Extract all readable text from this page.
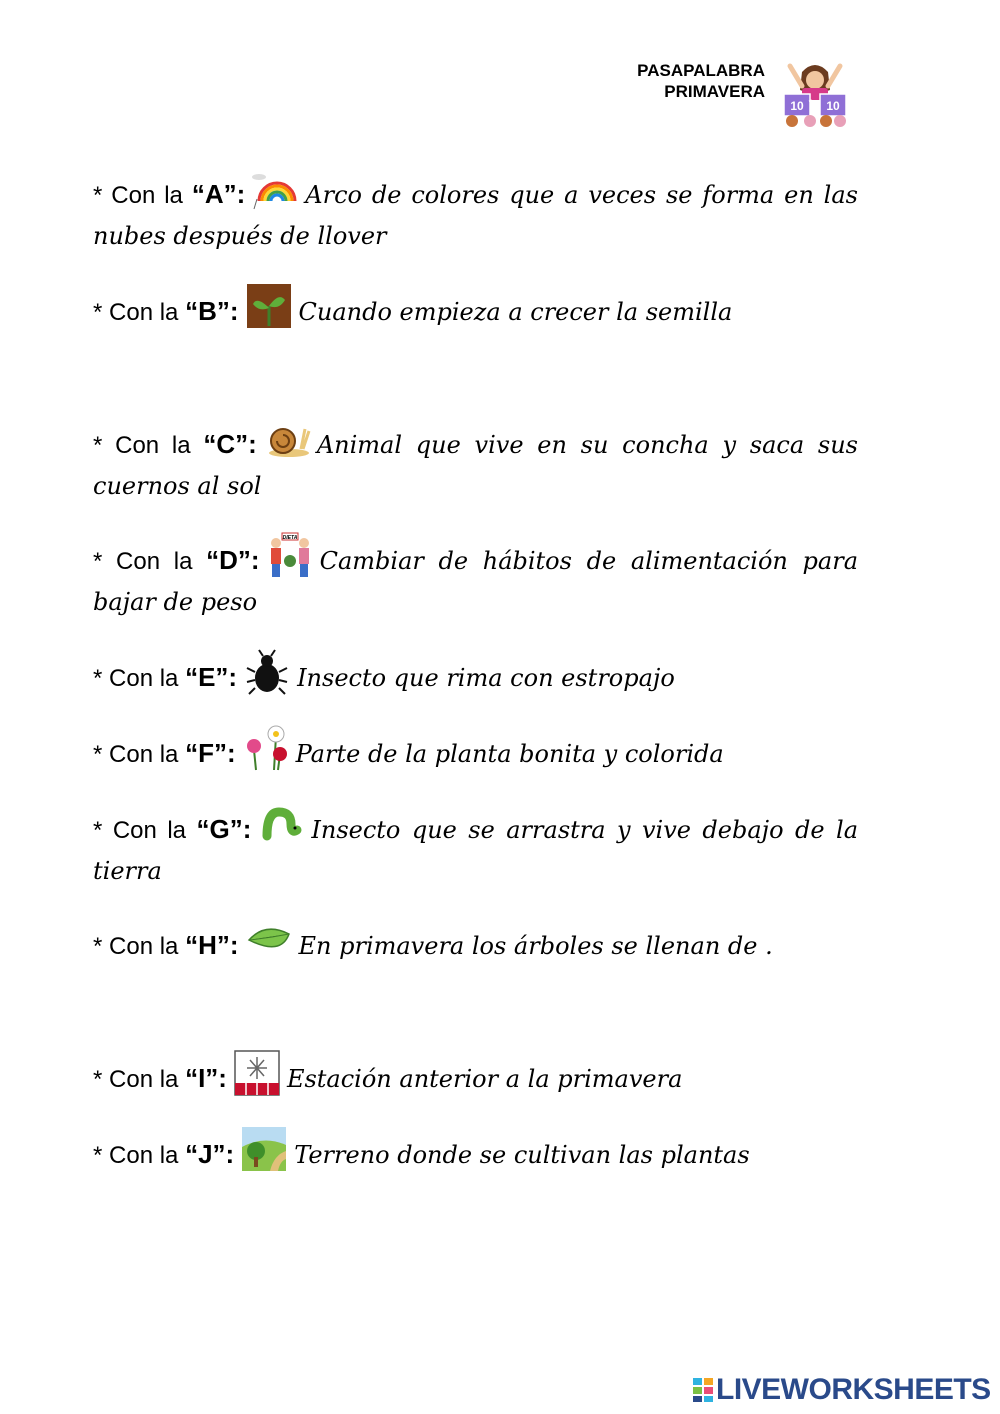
PASAPALABRA
PRIMAVERA
10 10
* Con la “A”:	Arco de colores que a veces se forma en las nubes después de llover
* Con la “B”:	Cuando empieza a crecer la semilla
* Con la “C”:	Animal que vive en su concha y saca sus cuernos al sol
* Con la “D”:
DIETA
Cambiar de hábitos de alimentación para bajar de peso
* Con la “E”:	Insecto que rima con estropajo
* Con la “F”:	Parte de la planta bonita y colorida
* Con la “G”:	Insecto que se arrastra y vive debajo de la tierra
* Con la “H”:	En primavera los árboles se llenan de .
* Con la “I”:	Estación anterior a la primavera
* Con la “J”:	Terreno donde se cultivan las plantas
LIVEWORKSHEETS
